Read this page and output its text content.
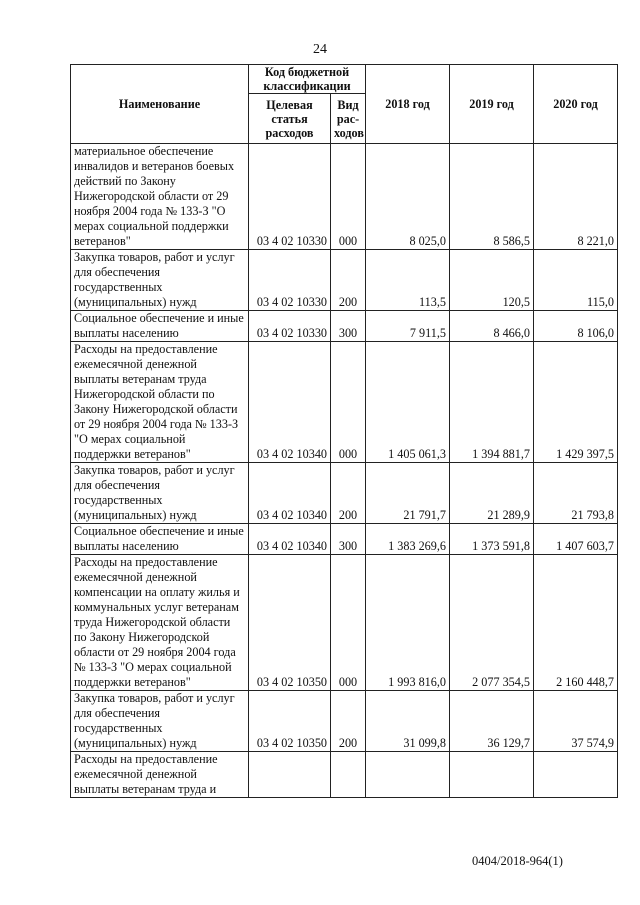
24
Наименование	Код бюджетной классификации		2018 год	2019 год	2020 год
	Целевая статья расходов	Вид рас-ходов			
материальное обеспечение инвалидов и ветеранов боевых действий по Закону Нижегородской области от 29 ноября 2004 года № 133-З "О мерах социальной поддержки ветеранов"	03 4 02 10330	000	8 025,0	8 586,5	8 221,0
Закупка товаров, работ и услуг для обеспечения государственных (муниципальных) нужд	03 4 02 10330	200	113,5	120,5	115,0
Социальное обеспечение и иные выплаты населению	03 4 02 10330	300	7 911,5	8 466,0	8 106,0
Расходы на предоставление ежемесячной денежной выплаты ветеранам труда Нижегородской области по Закону Нижегородской области от 29 ноября 2004 года № 133-З "О мерах социальной поддержки ветеранов"	03 4 02 10340	000	1 405 061,3	1 394 881,7	1 429 397,5
Закупка товаров, работ и услуг для обеспечения государственных (муниципальных) нужд	03 4 02 10340	200	21 791,7	21 289,9	21 793,8
Социальное обеспечение и иные выплаты населению	03 4 02 10340	300	1 383 269,6	1 373 591,8	1 407 603,7
Расходы на предоставление ежемесячной денежной компенсации на оплату жилья и коммунальных услуг ветеранам труда Нижегородской области по Закону Нижегородской области от 29 ноября 2004 года № 133-З "О мерах социальной поддержки ветеранов"	03 4 02 10350	000	1 993 816,0	2 077 354,5	2 160 448,7
Закупка товаров, работ и услуг для обеспечения государственных (муниципальных) нужд	03 4 02 10350	200	31 099,8	36 129,7	37 574,9
Расходы на предоставление ежемесячной денежной выплаты ветеранам труда и					
0404/2018-964(1)
